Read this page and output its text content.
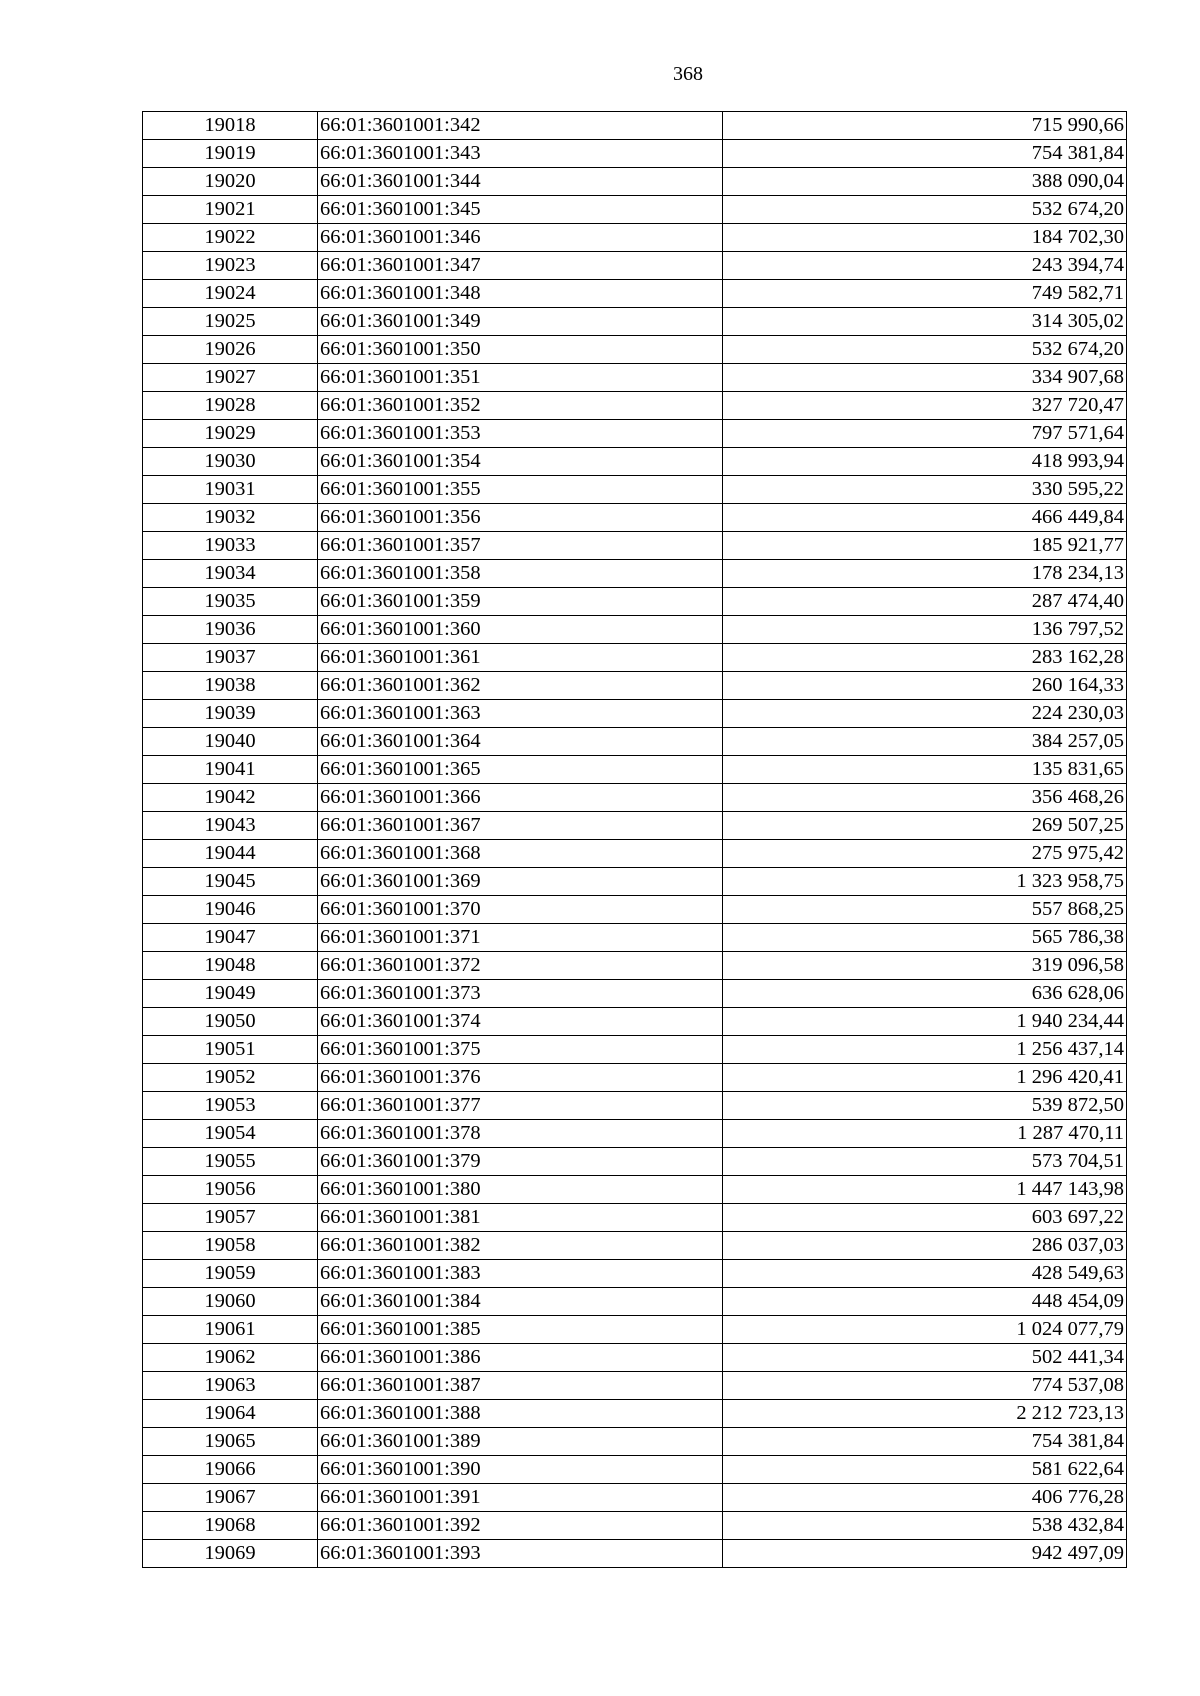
368
19018	66:01:3601001:342	715 990,66
19019	66:01:3601001:343	754 381,84
19020	66:01:3601001:344	388 090,04
19021	66:01:3601001:345	532 674,20
19022	66:01:3601001:346	184 702,30
19023	66:01:3601001:347	243 394,74
19024	66:01:3601001:348	749 582,71
19025	66:01:3601001:349	314 305,02
19026	66:01:3601001:350	532 674,20
19027	66:01:3601001:351	334 907,68
19028	66:01:3601001:352	327 720,47
19029	66:01:3601001:353	797 571,64
19030	66:01:3601001:354	418 993,94
19031	66:01:3601001:355	330 595,22
19032	66:01:3601001:356	466 449,84
19033	66:01:3601001:357	185 921,77
19034	66:01:3601001:358	178 234,13
19035	66:01:3601001:359	287 474,40
19036	66:01:3601001:360	136 797,52
19037	66:01:3601001:361	283 162,28
19038	66:01:3601001:362	260 164,33
19039	66:01:3601001:363	224 230,03
19040	66:01:3601001:364	384 257,05
19041	66:01:3601001:365	135 831,65
19042	66:01:3601001:366	356 468,26
19043	66:01:3601001:367	269 507,25
19044	66:01:3601001:368	275 975,42
19045	66:01:3601001:369	1 323 958,75
19046	66:01:3601001:370	557 868,25
19047	66:01:3601001:371	565 786,38
19048	66:01:3601001:372	319 096,58
19049	66:01:3601001:373	636 628,06
19050	66:01:3601001:374	1 940 234,44
19051	66:01:3601001:375	1 256 437,14
19052	66:01:3601001:376	1 296 420,41
19053	66:01:3601001:377	539 872,50
19054	66:01:3601001:378	1 287 470,11
19055	66:01:3601001:379	573 704,51
19056	66:01:3601001:380	1 447 143,98
19057	66:01:3601001:381	603 697,22
19058	66:01:3601001:382	286 037,03
19059	66:01:3601001:383	428 549,63
19060	66:01:3601001:384	448 454,09
19061	66:01:3601001:385	1 024 077,79
19062	66:01:3601001:386	502 441,34
19063	66:01:3601001:387	774 537,08
19064	66:01:3601001:388	2 212 723,13
19065	66:01:3601001:389	754 381,84
19066	66:01:3601001:390	581 622,64
19067	66:01:3601001:391	406 776,28
19068	66:01:3601001:392	538 432,84
19069	66:01:3601001:393	942 497,09
